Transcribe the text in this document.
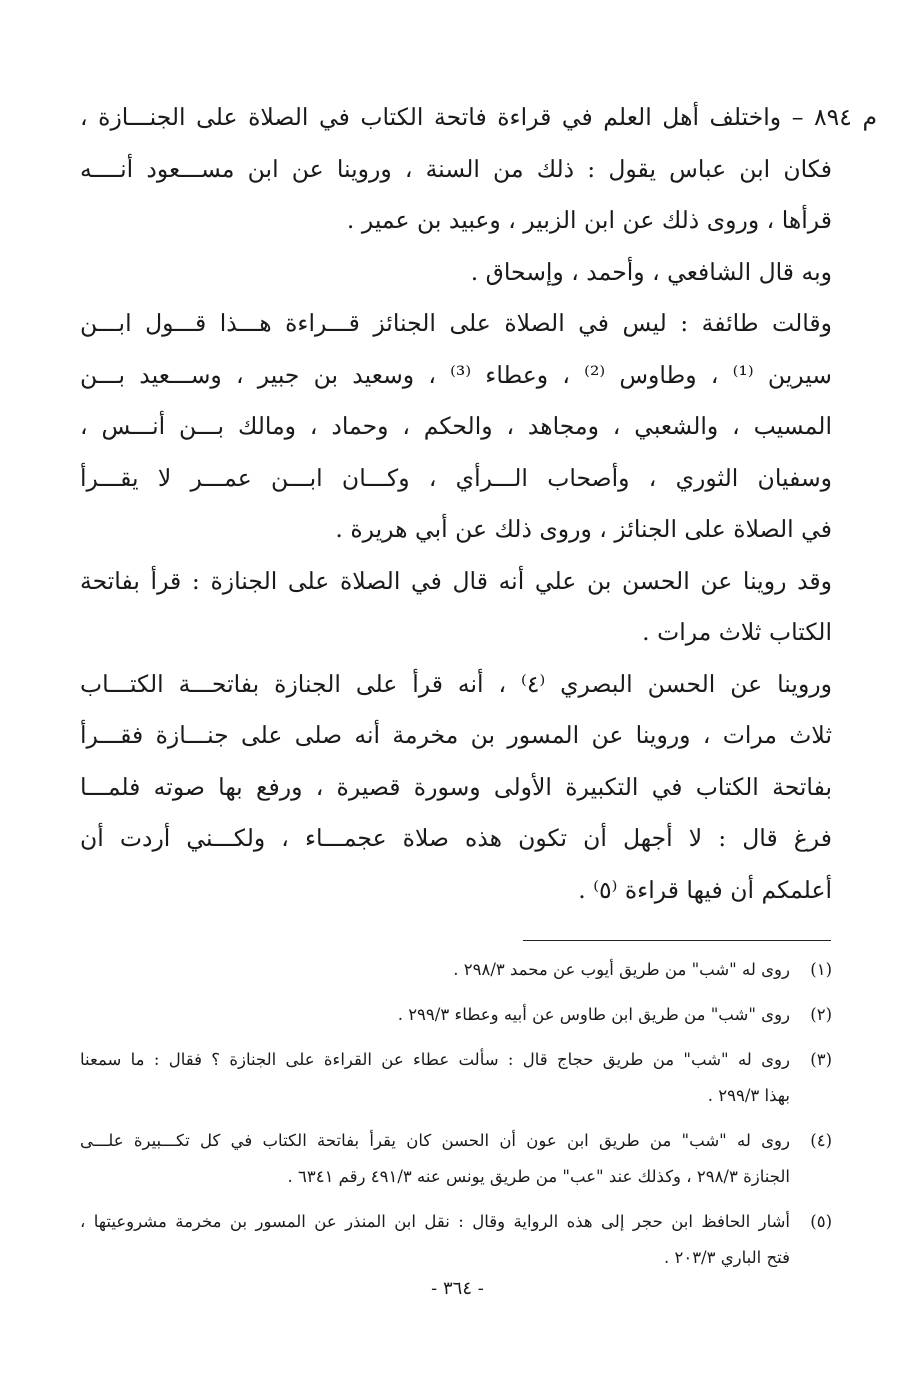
م ٨٩٤ – واختلف أهل العلم في قراءة فاتحة الكتاب في الصلاة على الجنـــازة ،
فكان ابن عباس يقول : ذلك من السنة ، وروينا عن ابن مســـعود أنــــه
قرأها ، وروى ذلك عن ابن الزبير ، وعبيد بن عمير .
وبه قال الشافعي ، وأحمد ، وإسحاق .
وقالت طائفة : ليس في الصلاة على الجنائز قـــراءة هـــذا قـــول ابـــن
سيرين ⁽¹⁾ ، وطاوس ⁽²⁾ ، وعطاء ⁽³⁾ ، وسعيد بن جبير ، وســـعيد بـــن
المسيب ، والشعبي ، ومجاهد ، والحكم ، وحماد ، ومالك بـــن أنـــس ،
وسفيان الثوري ، وأصحاب الـــرأي ، وكـــان ابـــن عمـــر لا يقـــرأ
في الصلاة على الجنائز ، وروى ذلك عن أبي هريرة .
وقد روينا عن الحسن بن علي أنه قال في الصلاة على الجنازة : قرأ بفاتحة
الكتاب ثلاث مرات .
وروينا عن الحسن البصري ⁽٤⁾ ، أنه قرأ على الجنازة بفاتحـــة الكتـــاب
ثلاث مرات ، وروينا عن المسور بن مخرمة أنه صلى على جنـــازة فقـــرأ
بفاتحة الكتاب في التكبيرة الأولى وسورة قصيرة ، ورفع بها صوته فلمـــا
فرغ قال : لا أجهل أن تكون هذه صلاة عجمـــاء ، ولكـــني أردت أن
أعلمكم أن فيها قراءة ⁽٥⁾ .
(١)
روى له "شب" من طريق أيوب عن محمد ٢٩٨/٣ .
(٢)
روى "شب" من طريق ابن طاوس عن أبيه وعطاء ٢٩٩/٣ .
(٣)
روى له "شب" من طريق حجاج قال : سألت عطاء عن القراءة على الجنازة ؟ فقال : ما سمعنا
بهذا ٢٩٩/٣ .
(٤)
روى له "شب" من طريق ابن عون أن الحسن كان يقرأ بفاتحة الكتاب في كل تكـــبيرة علـــى
الجنازة ٢٩٨/٣ ، وكذلك عند "عب" من طريق يونس عنه ٤٩١/٣ رقم ٦٣٤١ .
(٥)
أشار الحافظ ابن حجر إلى هذه الرواية وقال : نقل ابن المنذر عن المسور بن مخرمة مشروعيتها ،
فتح الباري ٢٠٣/٣ .
- ٣٦٤ -
